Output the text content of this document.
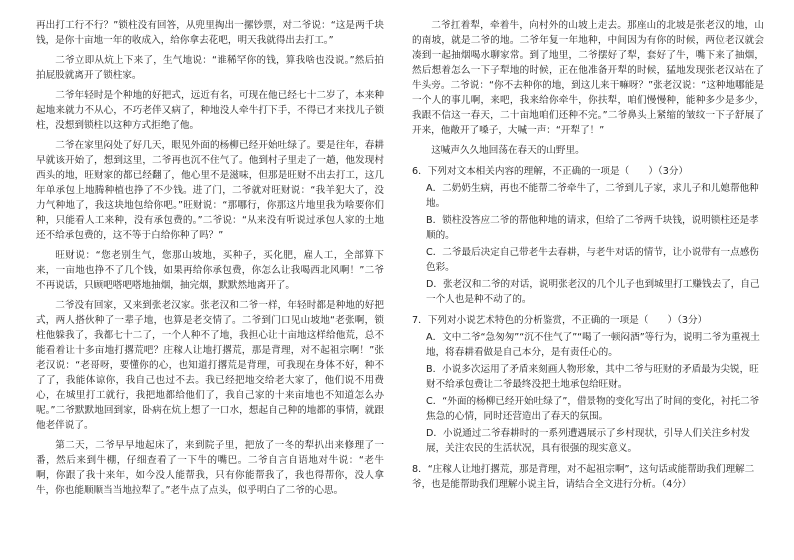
再出打工行不行？”锁柱没有回答，从兜里掏出一摞钞票，对二爷说：“这是两千块钱，是你十亩地一年的收成入，给你拿去花吧，明天我就得出去打工。”

二爷立即从炕上下来了，生气地说：“谁稀罕你的钱，算我啥也没说。”然后拍拍屁股就离开了锁柱家。

二爷年轻时是个种地的好把式，远近有名，可现在他已经七十二岁了，本来种起地来就力不从心，不巧老伴又病了，种地没人牵牛打下手，不得已才来找儿子锁柱，没想到锁柱以这种方式拒绝了他。

二爷在家里闷处了好几天，眼见外面的杨柳已经开始吐绿了。要是往年，春耕早就该开始了，想到这里，二爷再也沉不住气了。他到村子里走了一趟，他发现村西头的地，旺财家的都已经翻了，他心里不是滋味，但那是旺财不出去打工，这几年单承包上地腾种植也挣了不少钱。进了门，二爷就对旺财说：“我羊犯大了，没力气种地了，我这块地包给你吧。”旺财说：“那哪行，你那这片地里我为啥要你们种，只能看人工来种，没有承包费的。”二爷说：“从来没有听说过承包人家的土地还不给承包费的，这不等于白给你种了吗？”

旺财说：“您老别生气，您那山坡地，买种子，买化肥，雇人工，全部算下来，一亩地也挣不了几个钱，如果再给你承包费，你怎么让我喝西北风啊！”二爷不再说话，只顾吧嗒吧嗒地抽烟，抽完烟，默默然地离开了。

二爷没有回家，又来到张老汉家。张老汉和二爷一样，年轻时都是种地的好把式，两人搭伙种了一辈子地，也算是老交情了。二爷到门口见山坡地“老张啊，锁柱他躲我了，我都七十二了，一个人种不了地，我担心让十亩地这样给他荒，总不能看着让十多亩地打撂荒吧？庄稼人让地打撂荒，那是背理，对不起祖宗啊！”张老汉说：“老哥呀，要懂你的心，也知道打撂荒是背理，可我现在身体不好，种不了了，我能体谅你，我自己也过不去。我已经把地交给老大家了，他们说不用费心，在城里打工就行，我把地都给他们了，我自己家的十来亩地也不知道怎么办呢。”二爷默默地回到家，卧病在炕上想了一口水，想起自己种的地都的事情，就跟他老伴说了。

第二天，二爷早早地起床了，来到院子里，把放了一冬的犁扒出来修理了一番，然后来到牛棚，仔细查看了一下牛的嘴巴。二爷自言自语地对牛说：“老牛啊，你跟了我十来年，如今没人能帮我，只有你能帮我了，我也得帮你，没人拿牛，你也能顺顺当当地拉犁了。”老牛点了点头，似乎明白了二爷的心思。

二爷扛着犁，牵着牛，向村外的山坡上走去。那座山的北坡是张老汉的地，山的南坡，就是二爷的地。二爷年复一年地种，中间因为有你的时候，两位老汉就会凑到一起抽烟喝水聊家常。到了地里，二爷摆好了犁，套好了牛，嘴下来了抽烟，然后想着怎么一下子犁地的时候，正在他准备开犁的时候，猛地发现张老汉站在了牛头旁。二爷说：“你不去种你的地，到这儿来干嘛呀？”张老汉说：“这种地哪能是一个人的事儿啊，来吧，我来给你牵牛，你扶犁，咱们慢慢种，能种多少是多少，我跟不信这一春天，二十亩地咱们还种不完。”二爷鼻头上紧缩的皱纹一下子舒展了开来，他敞开了嗓子，大喊一声：“开犁了！”

这喊声久久地回荡在春天的山野里。

6．下列对文本相关内容的理解，不正确的一项是（　　）（3分）

A．二奶奶生病，再也不能帮二爷牵牛了，二爷到儿子家，求儿子和儿媳帮他种地。

B．锁柱没答应二爷的帮他种地的请求，但给了二爷两千块钱，说明锁柱还是孝顺的。

C．二爷最后决定自己带老牛去春耕，与老牛对话的情节，让小说带有一点感伤色彩。

D．张老汉和二爷的对话，说明张老汉的几个儿子也到城里打工赚钱去了，自己一个人也是种不动了的。

7．下列对小说艺术特色的分析鉴赏，不正确的一项是（　　）（3分）

A．文中二爷“急匆匆”“沉不住气了”“喝了一顿闷酒”等行为，说明二爷为重视土地，将春耕看做是自己本分，是有责任心的。

B．小说多次运用了矛盾来刻画人物形象，其中二爷与旺财的矛盾最为尖锐，旺财不给承包费让二爷最终没把土地承包给旺财。

C．“外面的杨柳已经开始吐绿了”，借景物的变化写出了时间的变化，衬托二爷焦急的心情，同时还营造出了春天的氛围。

D．小说通过二爷春耕时的一系列遭遇展示了乡村现状，引导人们关注乡村发展，关注农民的生活状况，具有很强的现实意义。

8．“庄稼人让地打撂荒，那是背理，对不起祖宗啊”，这句话或能帮助我们理解二爷，也是能帮助我们理解小说主旨，请结合全文进行分析。（4分）
